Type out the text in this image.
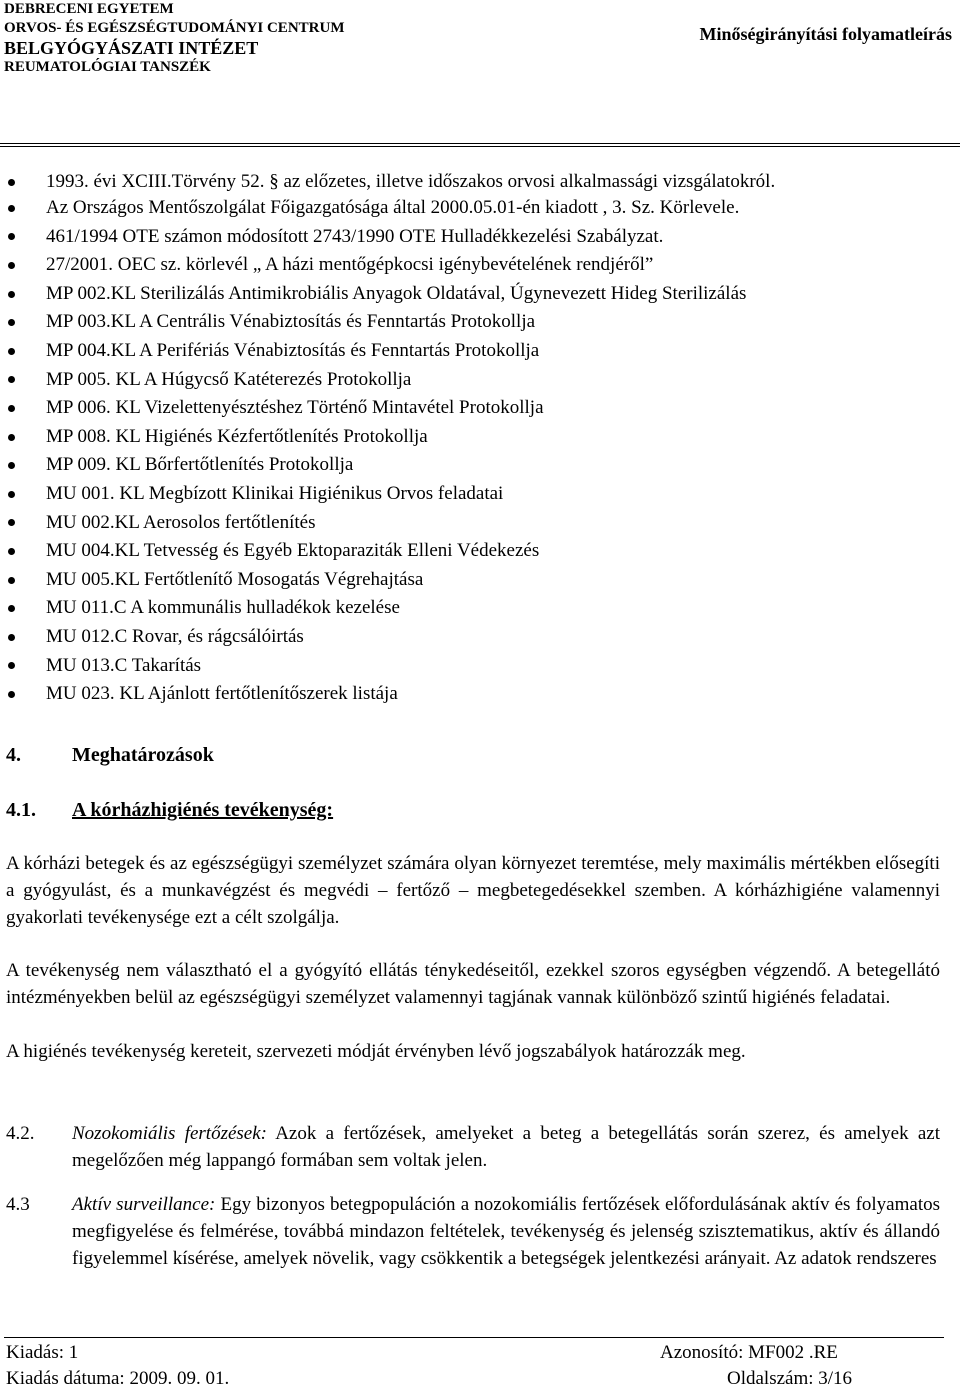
DEBRECENI EGYETEM
ORVOS- ÉS EGÉSZSÉGTUDOMÁNYI CENTRUM
BELGYÓGYÁSZATI INTÉZET
REUMATOLÓGIAI TANSZÉK
Minőségirányítási folyamatleírás
1993. évi XCIII.Törvény 52. § az előzetes, illetve időszakos orvosi alkalmassági vizsgálatokról.
Az Országos Mentőszolgálat Főigazgatósága által 2000.05.01-én kiadott , 3. Sz. Körlevele.
461/1994 OTE számon módosított 2743/1990 OTE Hulladékkezelési Szabályzat.
27/2001. OEC sz. körlevél „ A házi mentőgépkocsi igénybevételének rendjéről”
MP 002.KL Sterilizálás Antimikrobiális Anyagok Oldatával, Úgynevezett Hideg Sterilizálás
MP 003.KL A Centrális Vénabiztosítás és Fenntartás Protokollja
MP 004.KL A Perifériás Vénabiztosítás és Fenntartás Protokollja
MP 005. KL A Húgycső Katéterezés Protokollja
MP 006. KL Vizelettenyésztéshez Történő Mintavétel Protokollja
MP 008. KL Higiénés Kézfertőtlenítés Protokollja
MP 009. KL Bőrfertőtlenítés Protokollja
MU 001. KL Megbízott Klinikai Higiénikus Orvos feladatai
MU 002.KL Aerosolos fertőtlenítés
MU 004.KL Tetvesség és Egyéb Ektoparaziták Elleni Védekezés
MU 005.KL Fertőtlenítő Mosogatás Végrehajtása
MU 011.C A kommunális hulladékok kezelése
MU 012.C Rovar, és rágcsálóirtás
MU 013.C Takarítás
MU 023. KL Ajánlott fertőtlenítőszerek listája
4.	Meghatározások
4.1. A kórházhigiénés tevékenység:
A kórházi betegek és az egészségügyi személyzet számára olyan környezet teremtése, mely maximális mértékben elősegíti a gyógyulást, és a munkavégzést és megvédi – fertőző – megbetegedésekkel szemben. A kórházhigiéne valamennyi gyakorlati tevékenysége ezt a célt szolgálja.
A tevékenység nem választható el a gyógyító ellátás ténykedéseitől, ezekkel szoros egységben végzendő. A betegellátó intézményekben belül az egészségügyi személyzet valamennyi tagjának vannak különböző szintű higiénés feladatai.
A higiénés tevékenység kereteit, szervezeti módját érvényben lévő jogszabályok határozzák meg.
4.2. Nozokomiális fertőzések: Azok a fertőzések, amelyeket a beteg a betegellátás során szerez, és amelyek azt megelőzően még lappangó formában sem voltak jelen.
4.3 Aktív surveillance: Egy bizonyos betegpopuláción a nozokomiális fertőzések előfordulásának aktív és folyamatos megfigyelése és felmérése, továbbá mindazon feltételek, tevékenység és jelenség szisztematikus, aktív és állandó figyelemmel kísérése, amelyek növelik, vagy csökkentik a betegségek jelentkezési arányait. Az adatok rendszeres
Kiadás: 1
Kiadás dátuma: 2009. 09. 01.
Azonosító: MF002 .RE
Oldalszám: 3/16
